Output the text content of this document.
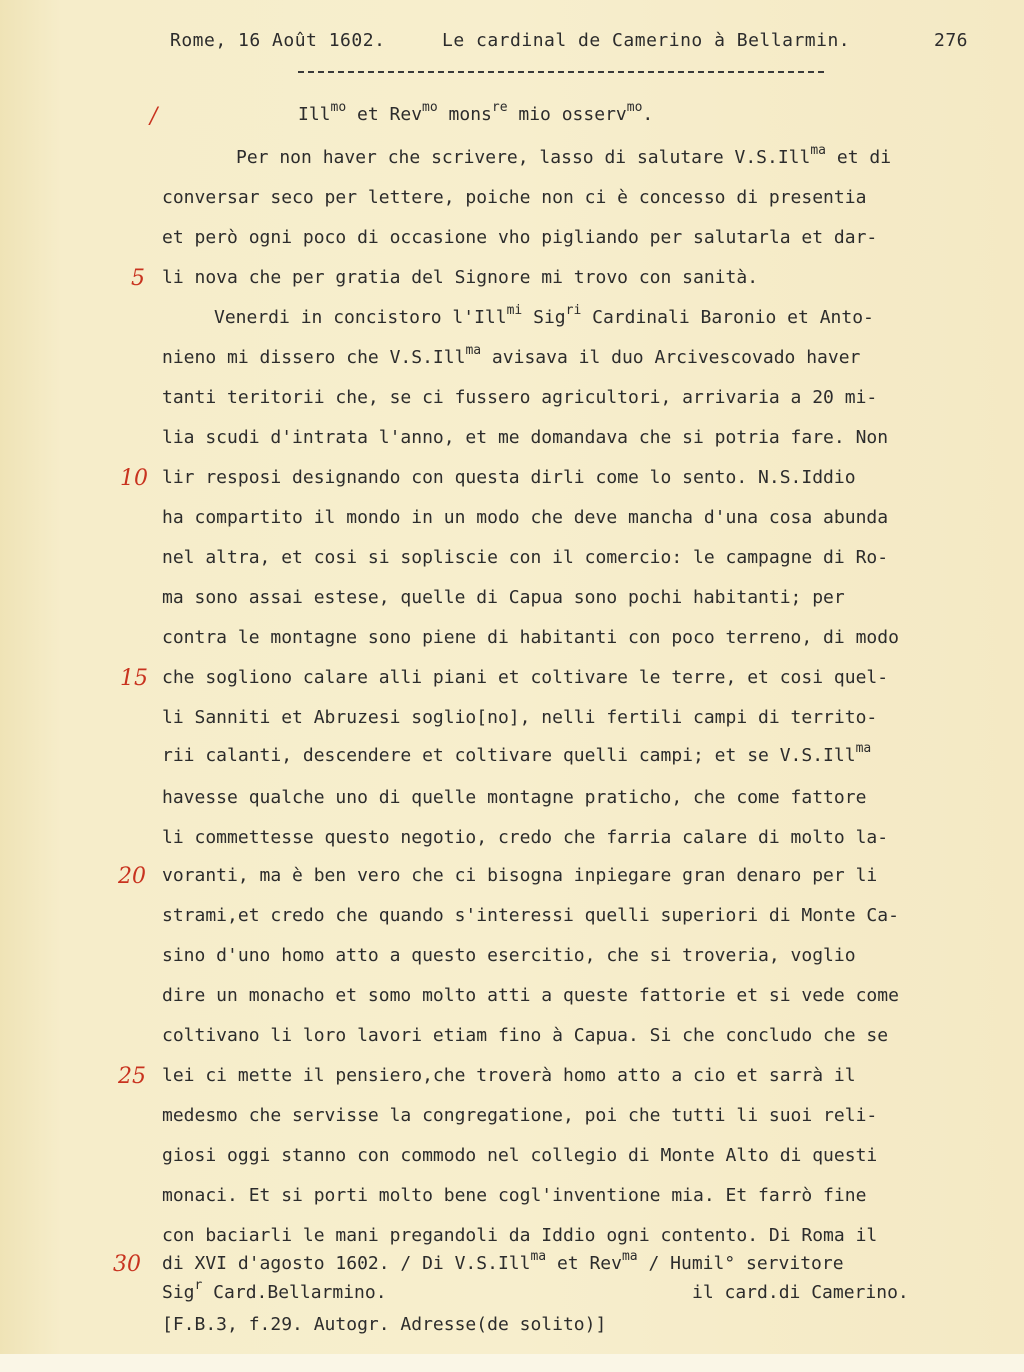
Rome, 16 Août 1602.	Le cardinal de Camerino à Bellarmin.	276
/	Ill$^{mo}$ et Rev$^{mo}$ mons$^{re}$ mio osserv$^{mo}$.
Per non haver che scrivere, lasso di salutare V.S.Ill$^{ma}$ et di
conversar seco per lettere, poiche non ci è concesso di presentia
et però ogni poco di occasione vho pigliando per salutarla et dar-
5 li nova che per gratia del Signore mi trovo con sanità.
Venerdi in concistoro l'Ill$^{mi}$ Sig$^{ri}$ Cardinali Baronio et Anto-
nieno mi dissero che V.S.Ill$^{ma}$ avisava il duo Arcivescovado haver
tanti teritorii che, se ci fussero agricultori, arrivaria a 20 mi-
lia scudi d'intrata l'anno, et me domandava che si potria fare. Non
10 lir resposi designando con questa dirli come lo sento. N.S.Iddio
ha compartito il mondo in un modo che deve mancha d'una cosa abunda
nel altra, et cosi si sopliscie con il comercio: le campagne di Ro-
ma sono assai estese, quelle di Capua sono pochi habitanti; per
contra le montagne sono piene di habitanti con poco terreno, di modo
15 che sogliono calare alli piani et coltivare le terre, et cosi quel-
li Sanniti et Abruzesi soglio[no], nelli fertili campi di territo-
rii calanti, descendere et coltivare quelli campi; et se V.S.Ill$^{ma}$
havesse qualche uno di quelle montagne praticho, che come fattore
li commettesse questo negotio, credo che farria calare di molto la-
20 voranti, ma è ben vero che ci bisogna inpiegare gran denaro per li
strami,et credo che quando s'interessi quelli superiori di Monte Ca-
sino d'uno homo atto a questo esercitio, che si troveria, voglio
dire un monacho et somo molto atti a queste fattorie et si vede come
coltivano li loro lavori etiam fino à Capua. Si che concludo che se
25 lei ci mette il pensiero,che troverà homo atto a cio et sarrà il
medesmo che servisse la congregatione, poi che tutti li suoi reli-
giosi oggi stanno con commodo nel collegio di Monte Alto di questi
monaci. Et si porti molto bene cogl'inventione mia. Et farrò fine
con baciarli le mani pregandoli da Iddio ogni contento. Di Roma il
30 di XVI d'agosto 1602. / Di V.S.Ill$^{ma}$ et Rev$^{ma}$ / Humil° servitore
Sig$^r$ Card.Bellarmino.	il card.di Camerino.
[F.B.3, f.29. Autogr. Adresse(de solito)]
